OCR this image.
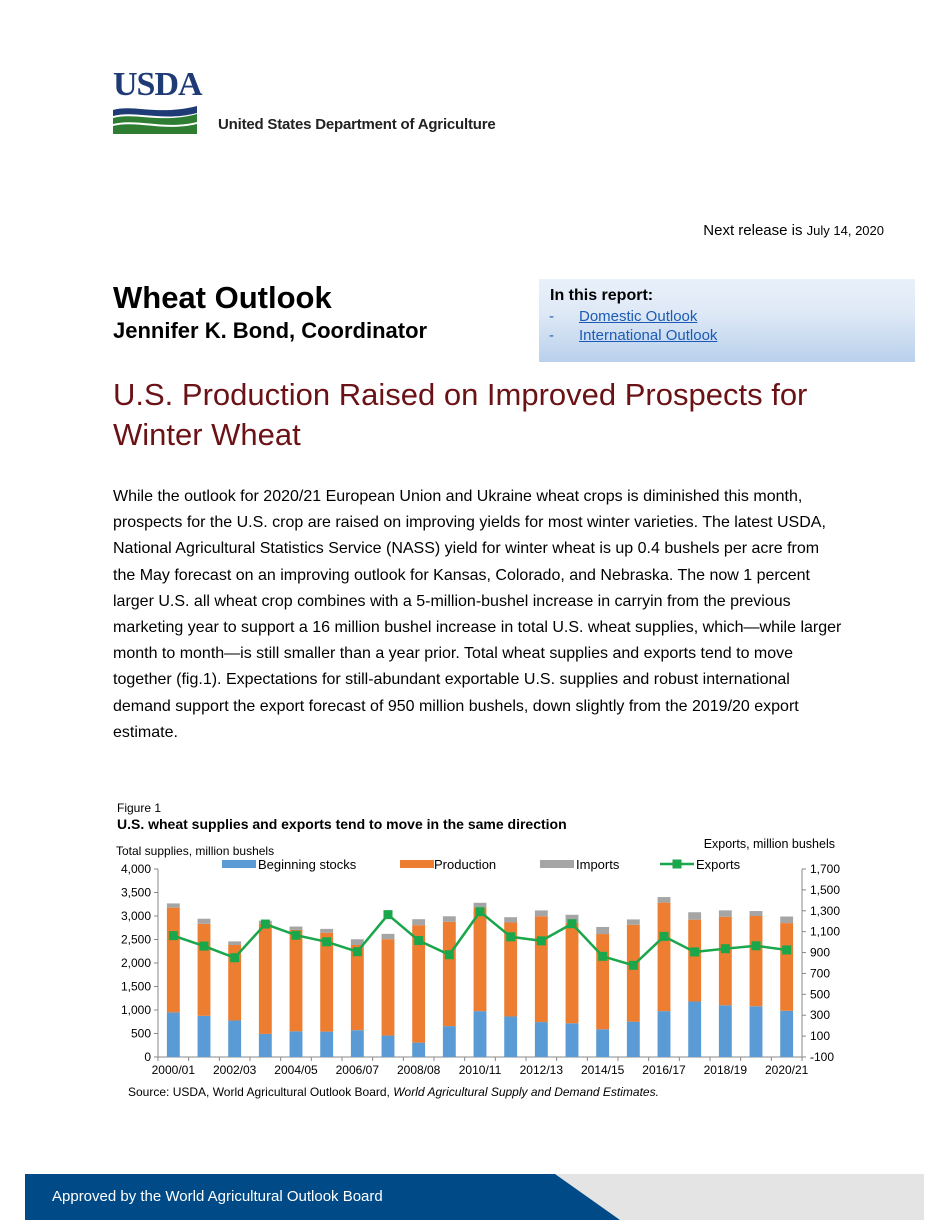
USDA
United States Department of Agriculture
Next release is July 14, 2020
Wheat Outlook
Jennifer K. Bond, Coordinator
In this report:
- Domestic Outlook
- International Outlook
U.S. Production Raised on Improved Prospects for Winter Wheat
While the outlook for 2020/21 European Union and Ukraine wheat crops is diminished this month, prospects for the U.S. crop are raised on improving yields for most winter varieties. The latest USDA, National Agricultural Statistics Service (NASS) yield for winter wheat is up 0.4 bushels per acre from the May forecast on an improving outlook for Kansas, Colorado, and Nebraska. The now 1 percent larger U.S. all wheat crop combines with a 5-million-bushel increase in carryin from the previous marketing year to support a 16 million bushel increase in total U.S. wheat supplies, which—while larger month to month—is still smaller than a year prior. Total wheat supplies and exports tend to move together (fig.1). Expectations for still-abundant exportable U.S. supplies and robust international demand support the export forecast of 950 million bushels, down slightly from the 2019/20 export estimate.
Figure 1
U.S. wheat supplies and exports tend to move in the same direction
Total supplies, million bushels	Exports, million bushels
0
500
1,000
1,500
2,000
2,500
3,000
3,500
4,000
-100
100
300
500
700
900
1,100
1,300
1,500
1,700
2000/01 2002/03 2004/05 2006/07 2008/08 2010/11 2012/13 2014/15 2016/17 2018/19 2020/21
Beginning stocks	Production	Imports	Exports
Source: USDA, World Agricultural Outlook Board, World Agricultural Supply and Demand Estimates.
Approved by the World Agricultural Outlook Board
